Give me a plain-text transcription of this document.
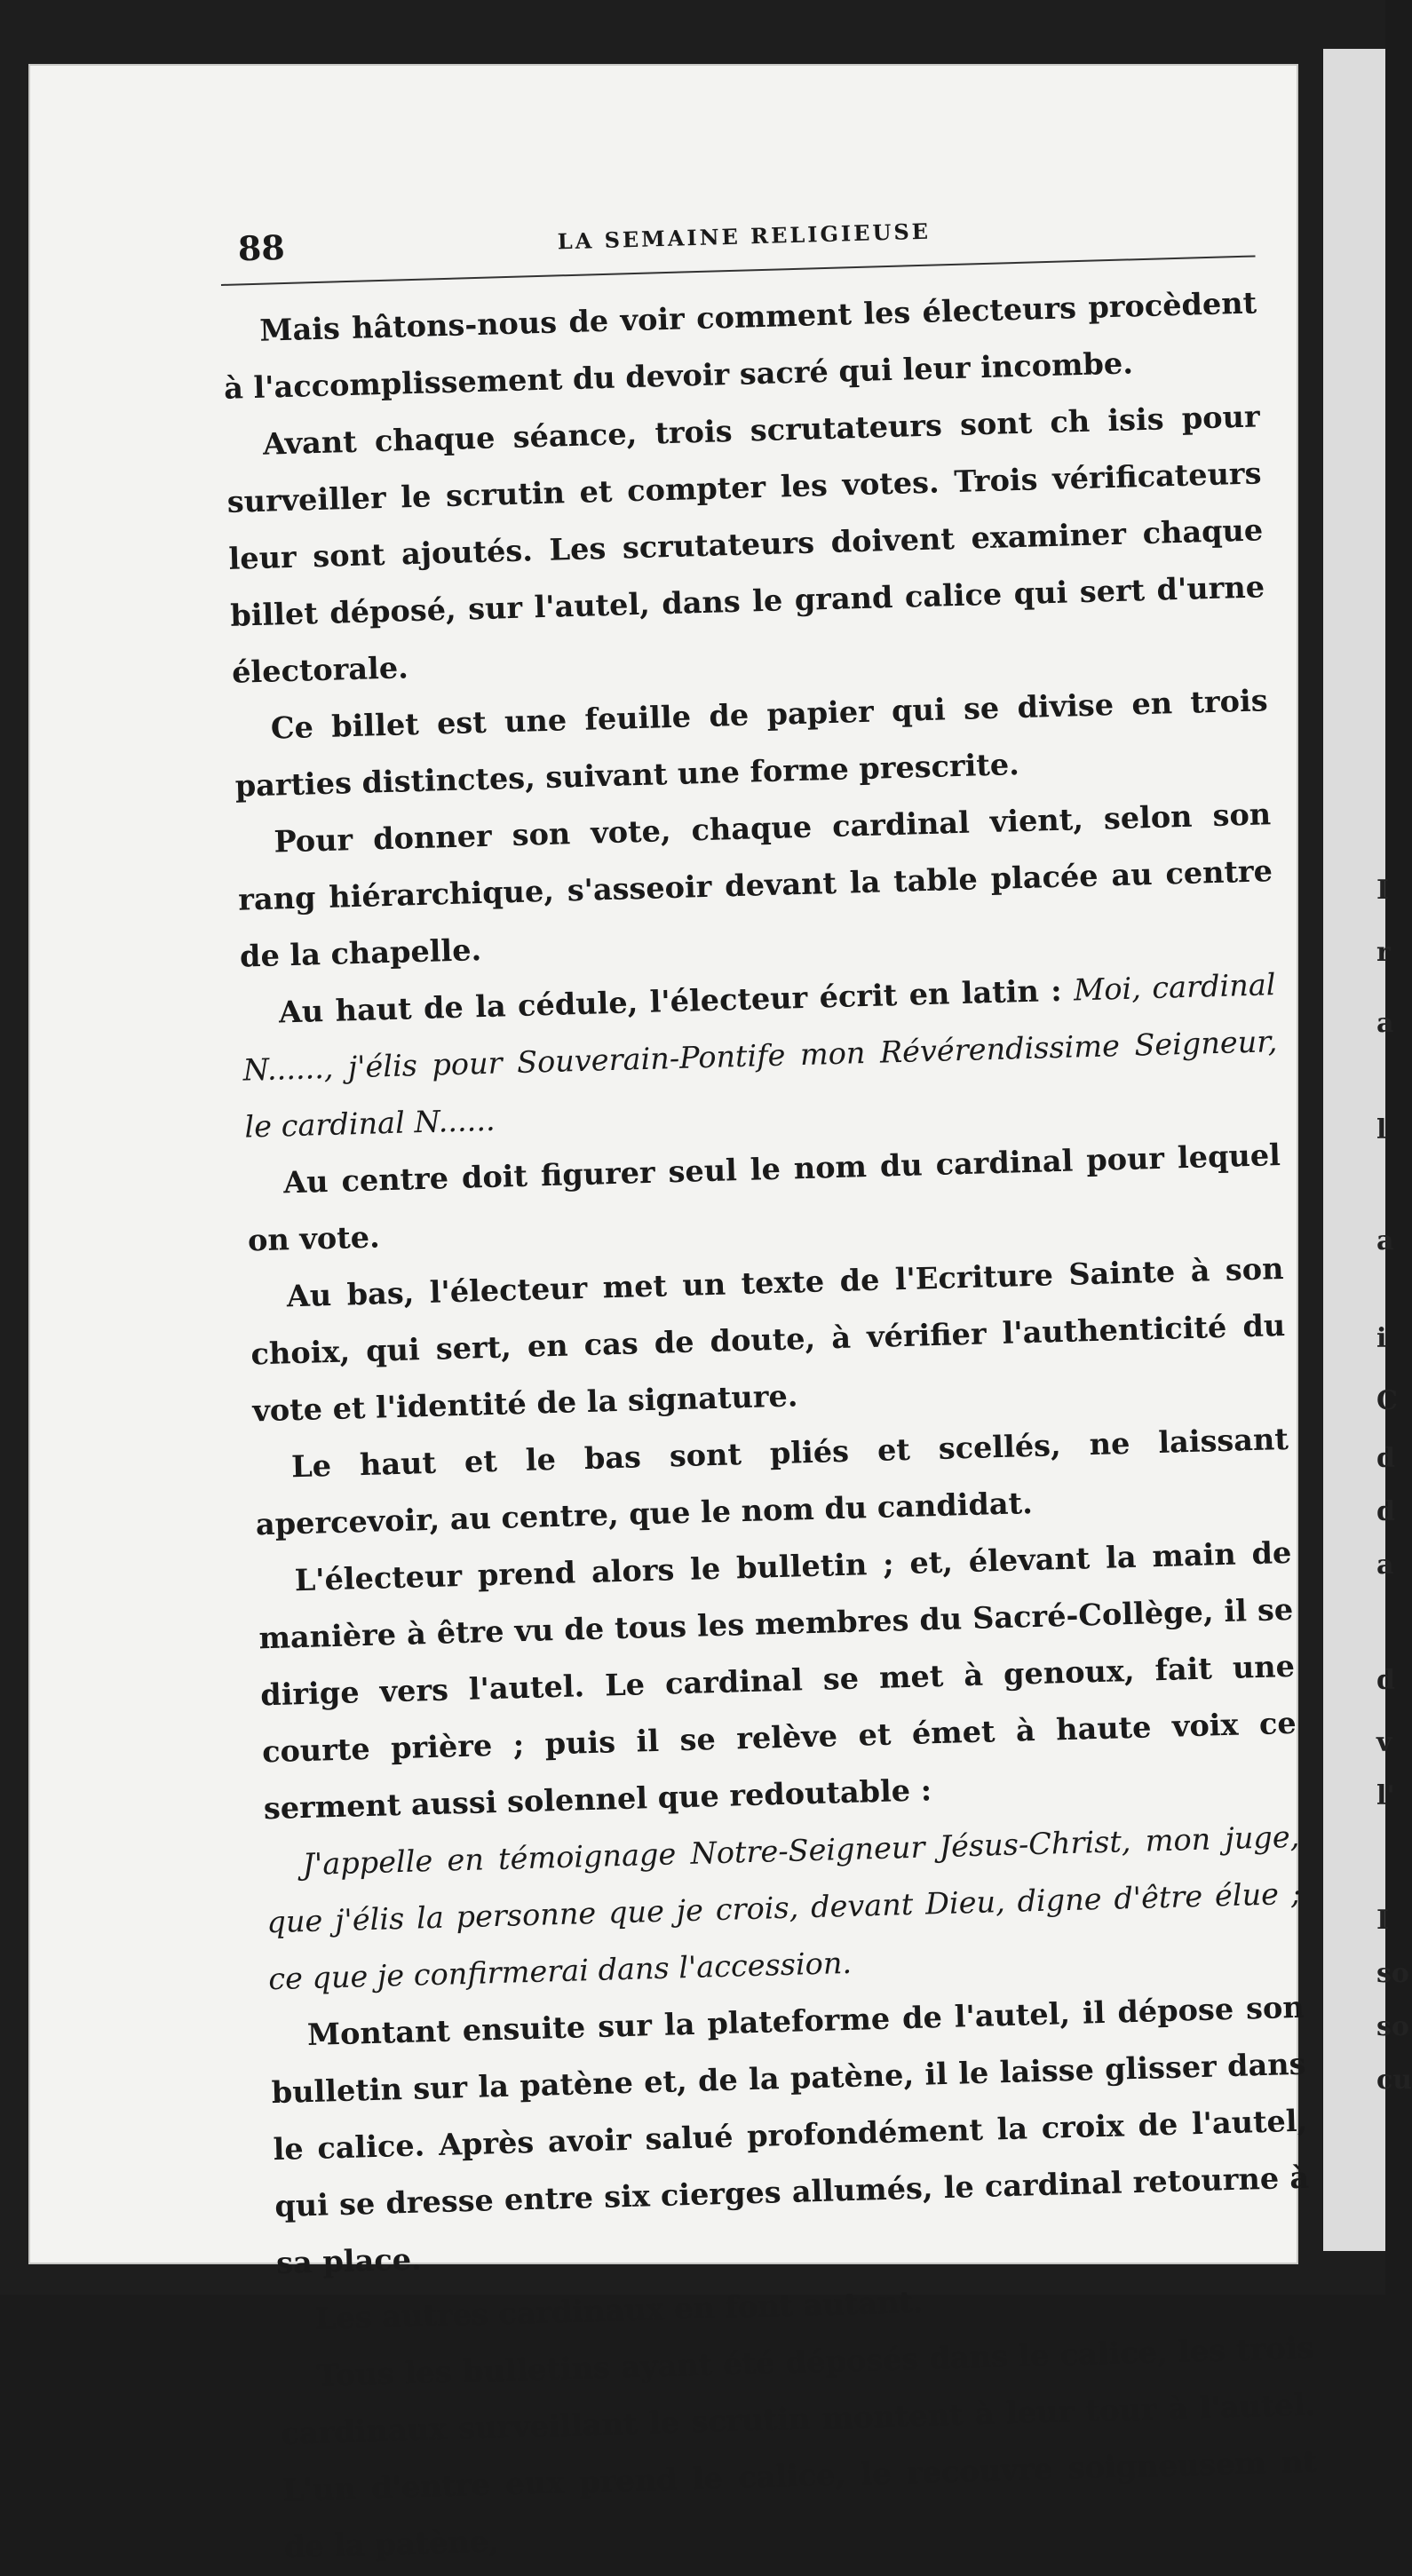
I
r
a
l
a
i
C
d
d
a
d
v
l'
I
so
so
cu
88	LA SEMAINE RELIGIEUSE

Mais hâtons-nous de voir comment les électeurs procèdent à l'accomplissement du devoir sacré qui leur incombe.

Avant chaque séance, trois scrutateurs sont ch isis pour surveiller le scrutin et compter les votes. Trois vérificateurs leur sont ajoutés. Les scrutateurs doivent examiner chaque billet déposé, sur l'autel, dans le grand calice qui sert d'urne électorale.

Ce billet est une feuille de papier qui se divise en trois parties distinctes, suivant une forme prescrite.

Pour donner son vote, chaque cardinal vient, selon son rang hiérarchique, s'asseoir devant la table placée au centre de la chapelle.

Au haut de la cédule, l'électeur écrit en latin : Moi, cardinal N......, j'élis pour Souverain-Pontife mon Révérendissime Seigneur, le cardinal N......

Au centre doit figurer seul le nom du cardinal pour lequel on vote.

Au bas, l'électeur met un texte de l'Ecriture Sainte à son choix, qui sert, en cas de doute, à vérifier l'authenticité du vote et l'identité de la signature.

Le haut et le bas sont pliés et scellés, ne laissant apercevoir, au centre, que le nom du candidat.

L'électeur prend alors le bulletin ; et, élevant la main de manière à être vu de tous les membres du Sacré-Collège, il se dirige vers l'autel. Le cardinal se met à genoux, fait une courte prière ; puis il se relève et émet à haute voix ce serment aussi solennel que redoutable :

J'appelle en témoignage Notre-Seigneur Jésus-Christ, mon juge, que j'élis la personne que je crois, devant Dieu, digne d'être élue ; ce que je confirmerai dans l'accession.

Montant ensuite sur la plateforme de l'autel, il dépose son bulletin sur la patène et, de la patène, il le laisse glisser dans le calice. Après avoir salué profondément la croix de l'autel, qui se dresse entre six cierges allumés, le cardinal retourne à sa place.

Les autres cardinaux en font autant.

Tous les bulletins ayant été déposés dans le calice, les trois cardinaux surveillant le scrutin montent à leur tour à l'autel. L'un d'entre eux prend le calice, le recouvre soigneusem nt de la patène,
